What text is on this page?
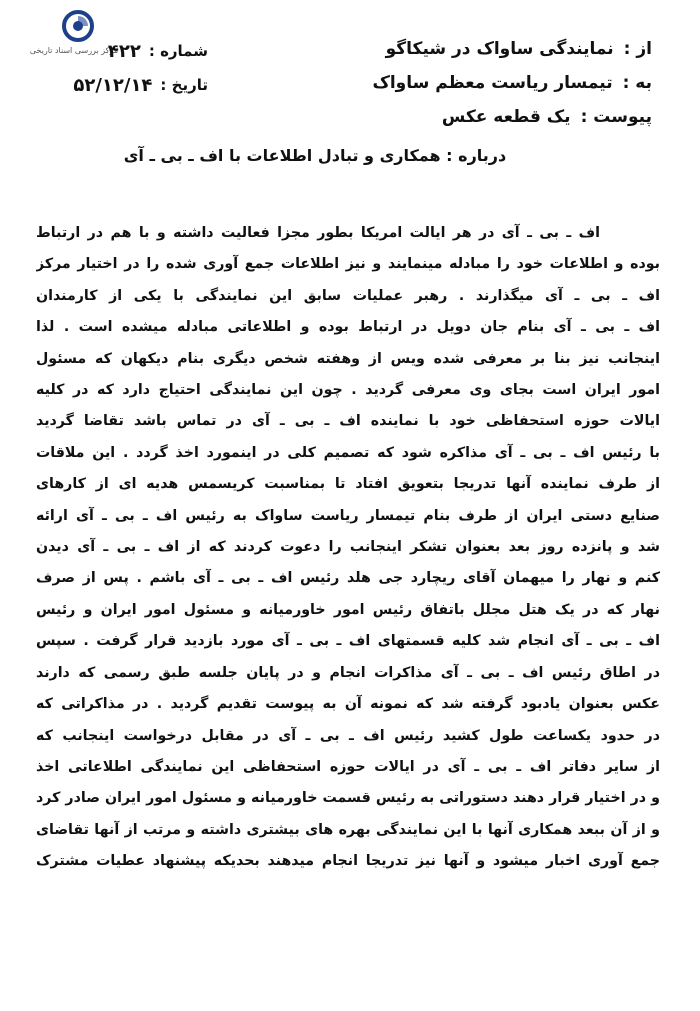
مرکز بررسی اسناد تاریخی	شماره :
۴۲۲
تاریخ :
۵۲/۱۲/۱۴
از :
نمایندگی ساواک در شیکاگو
به :
تیمسار ریاست معظم ساواک
پیوست :
یک قطعه عکس
درباره : همکاری و تبادل اطلاعات با اف ـ بی ـ آی
اف ـ بی ـ آی در هر ایالت امریکا بطور مجزا فعالیت داشته و با هم در ارتباط
بوده و اطلاعات خود را مبادله مینمایند و نیز اطلاعات جمع آوری شده را در اختیار مرکز
اف ـ بی ـ آی میگذارند . رهبر عملیات سابق این نمایندگی با یکی از کارمندان
اف ـ بی ـ آی بنام جان دویل در ارتباط بوده و اطلاعاتی مبادله میشده است . لذا
اینجانب نیز بنا بر معرفی شده ویس از وهفته شخص دیگری بنام دیکهان که مسئول
امور ایران است بجای وی معرفی گردید . چون این نمایندگی احتیاج دارد که در کلیه
ایالات حوزه استحفاظی خود با نماینده اف ـ بی ـ آی در تماس باشد تقاضا گردید
با رئیس اف ـ بی ـ آی مذاکره شود که تصمیم کلی در اینمورد اخذ گردد . این ملاقات
از طرف نماینده آنها تدریجا بتعویق افتاد تا بمناسبت کریسمس هدیه ای از کارهای
صنایع دستی ایران از طرف بنام تیمسار ریاست ساواک به رئیس اف ـ بی ـ آی ارائه
شد و پانزده روز بعد بعنوان تشکر اینجانب را دعوت کردند که از اف ـ بی ـ آی دیدن
کنم و نهار را میهمان آقای ریچارد جی هلد رئیس اف ـ بی ـ آی باشم . پس از صرف
نهار که در یک هتل مجلل باتفاق رئیس امور خاورمیانه و مسئول امور ایران و رئیس
اف ـ بی ـ آی انجام شد کلیه قسمتهای اف ـ بی ـ آی مورد بازدید قرار گرفت . سپس
در اطاق رئیس اف ـ بی ـ آی مذاکرات انجام و در پایان جلسه طبق رسمی که دارند
عکس بعنوان یادبود گرفته شد که نمونه آن به پیوست تقدیم گردید . در مذاکراتی که
در حدود یکساعت طول کشید رئیس اف ـ بی ـ آی در مقابل درخواست اینجانب که
از سایر دفاتر اف ـ بی ـ آی در ایالات حوزه استحفاظی این نمایندگی اطلاعاتی اخذ
و در اختیار قرار دهند دستوراتی به رئیس قسمت خاورمیانه و مسئول امور ایران صادر کرد
و از آن ببعد همکاری آنها با این نمایندگی بهره های بیشتری داشته و مرتب از آنها تقاضای
جمع آوری اخبار میشود و آنها نیز تدریجا انجام میدهند بحدیکه پیشنهاد عطیات مشترک
